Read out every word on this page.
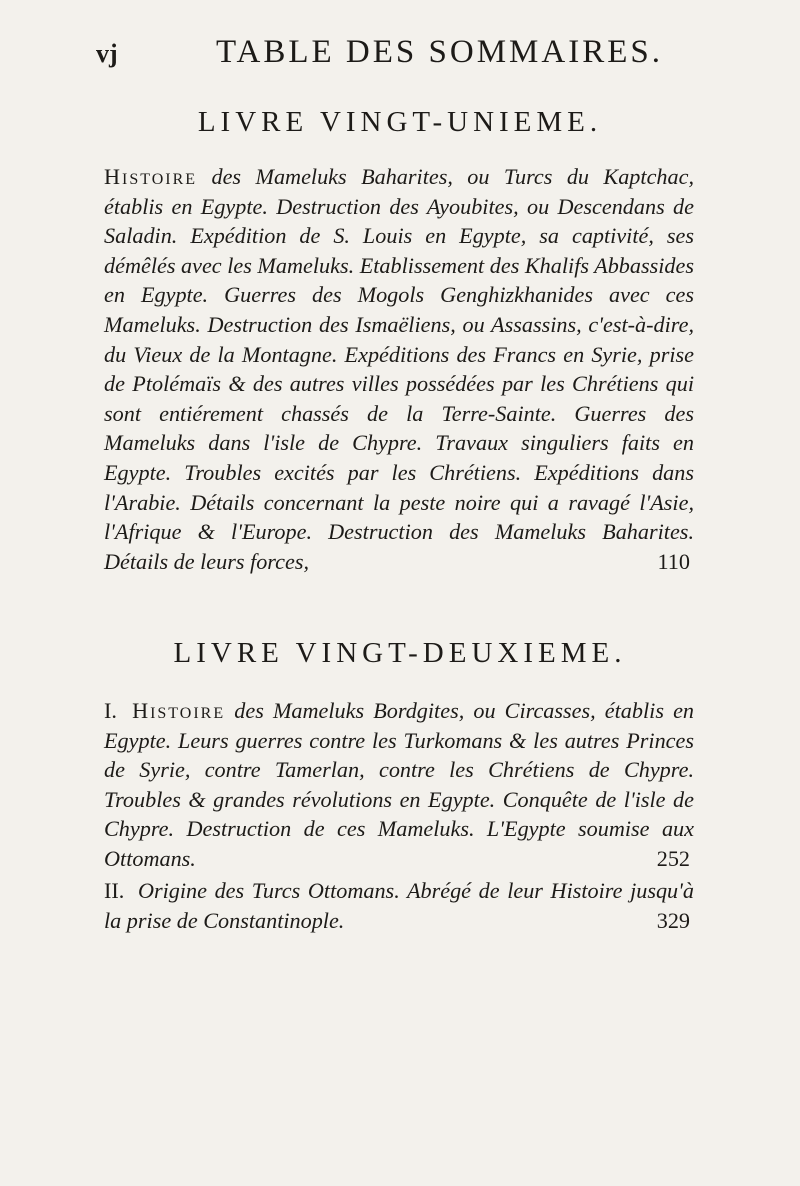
vj	TABLE DES SOMMAIRES.
LIVRE VINGT-UNIEME.
Histoire des Mameluks Baharites, ou Turcs du Kaptchac, établis en Egypte. Destruction des Ayoubites, ou Descendans de Saladin. Expédition de S. Louis en Egypte, sa captivité, ses démêlés avec les Mameluks. Etablissement des Khalifs Abbassides en Egypte. Guerres des Mogols Genghizkhanides avec ces Mameluks. Destruction des Ismaëliens, ou Assassins, c'est-à-dire, du Vieux de la Montagne. Expéditions des Francs en Syrie, prise de Ptolémaïs & des autres villes possédées par les Chrétiens qui sont entiérement chassés de la Terre-Sainte. Guerres des Mameluks dans l'isle de Chypre. Travaux singuliers faits en Egypte. Troubles excités par les Chrétiens. Expéditions dans l'Arabie. Détails concernant la peste noire qui a ravagé l'Asie, l'Afrique & l'Europe. Destruction des Mameluks Baharites. Détails de leurs forces,	110
LIVRE VINGT-DEUXIEME.
I. Histoire des Mameluks Bordgites, ou Circasses, établis en Egypte. Leurs guerres contre les Turkomans & les autres Princes de Syrie, contre Tamerlan, contre les Chrétiens de Chypre. Troubles & grandes révolutions en Egypte. Conquête de l'isle de Chypre. Destruction de ces Mameluks. L'Egypte soumise aux Ottomans.	252
II. Origine des Turcs Ottomans. Abrégé de leur Histoire jusqu'à la prise de Constantinople.	329
